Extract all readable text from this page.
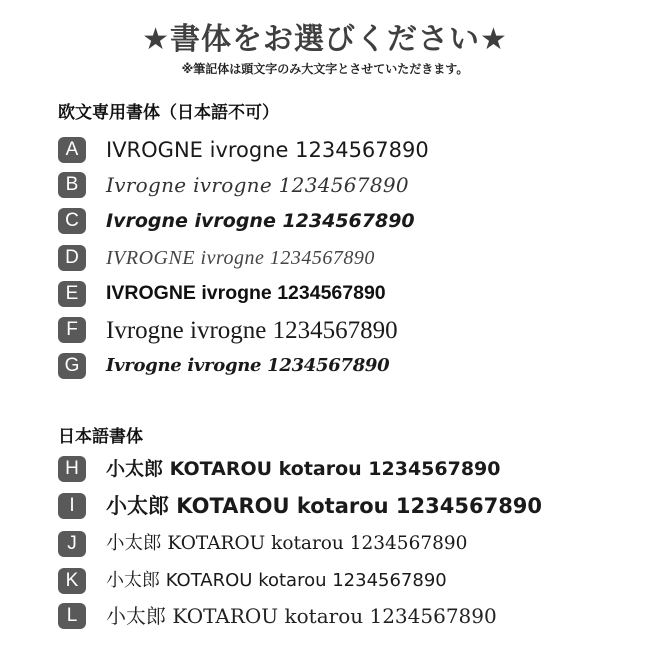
★書体をお選びください★
※筆記体は頭文字のみ大文字とさせていただきます。
欧文専用書体（日本語不可）
A	IVROGNE ivrogne 1234567890
B	Ivrogne ivrogne 1234567890
C	Ivrogne ivrogne 1234567890
D	IVROGNE ivrogne 1234567890
E	IVROGNE ivrogne 1234567890
F	Ivrogne ivrogne 1234567890
G	Ivrogne ivrogne 1234567890
日本語書体
H	小太郎 KOTAROU kotarou 1234567890
I	小太郎 KOTAROU kotarou 1234567890
J	小太郎 KOTAROU kotarou 1234567890
K	小太郎 KOTAROU kotarou 1234567890
L	小太郎 KOTAROU kotarou 1234567890
